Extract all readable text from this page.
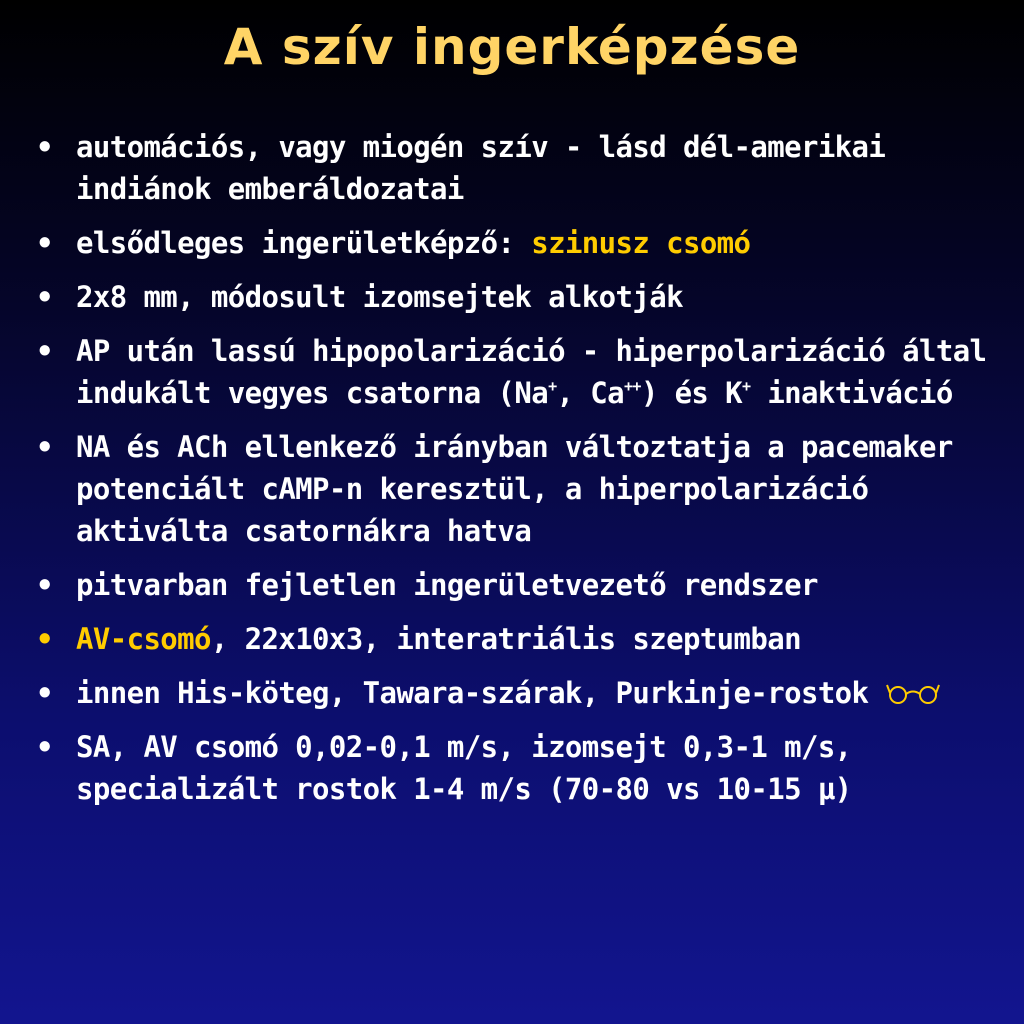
A szív ingerképzése
• automációs, vagy miogén szív - lásd dél-amerikai indiánok emberáldozatai
• elsődleges ingerületképző: szinusz csomó
• 2x8 mm, módosult izomsejtek alkotják
• AP után lassú hipopolarizáció - hiperpolarizáció által indukált vegyes csatorna (Na+, Ca++) és K+ inaktiváció
• NA és ACh ellenkező irányban változtatja a pacemaker potenciált cAMP-n keresztül, a hiperpolarizáció aktiválta csatornákra hatva
• pitvarban fejletlen ingerületvezető rendszer
• AV-csomó, 22x10x3, interatriális szeptumban
• innen His-köteg, Tawara-szárak, Purkinje-rostok
• SA, AV csomó 0,02-0,1 m/s, izomsejt 0,3-1 m/s, specializált rostok 1-4 m/s (70-80 vs 10-15 μ)
